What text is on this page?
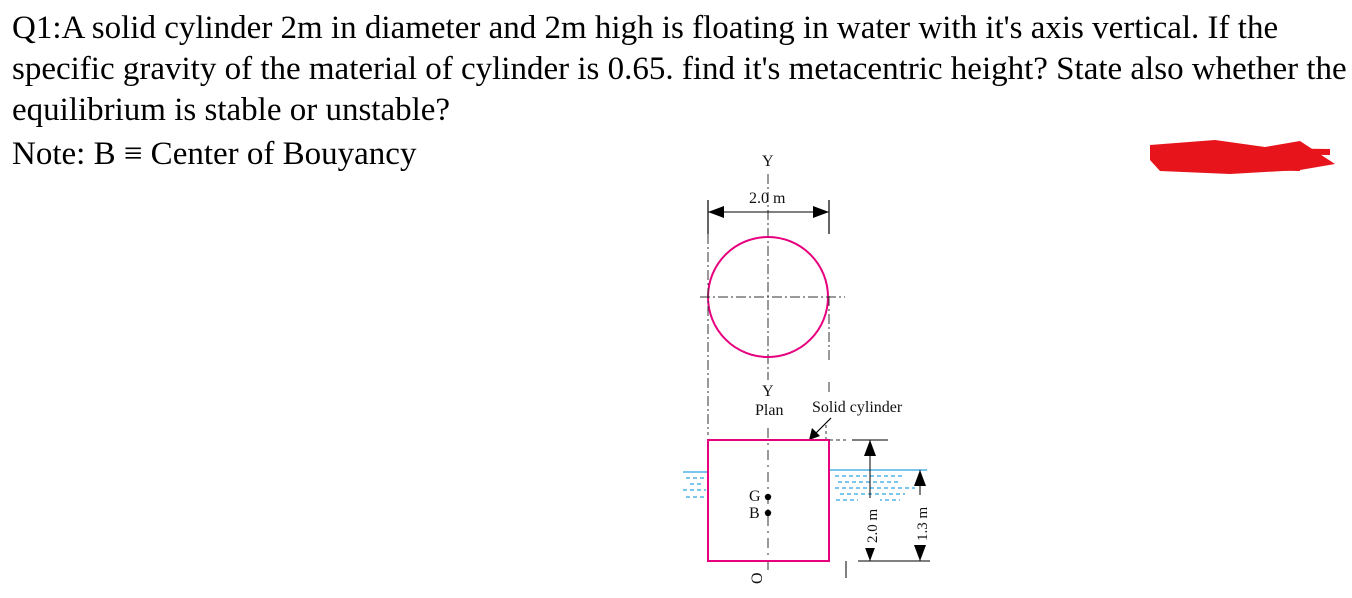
Q1:A solid cylinder 2m in diameter and 2m high is floating in water with it's axis vertical. If the specific gravity of the material of cylinder is 0.65. find it's metacentric height? State also whether the equilibrium is stable or unstable?

Note: B ≡ Center of Bouyancy	Y
2.0 m
Y
Plan Solid cylinder
G
B
O
2.0 m 1.3 m
